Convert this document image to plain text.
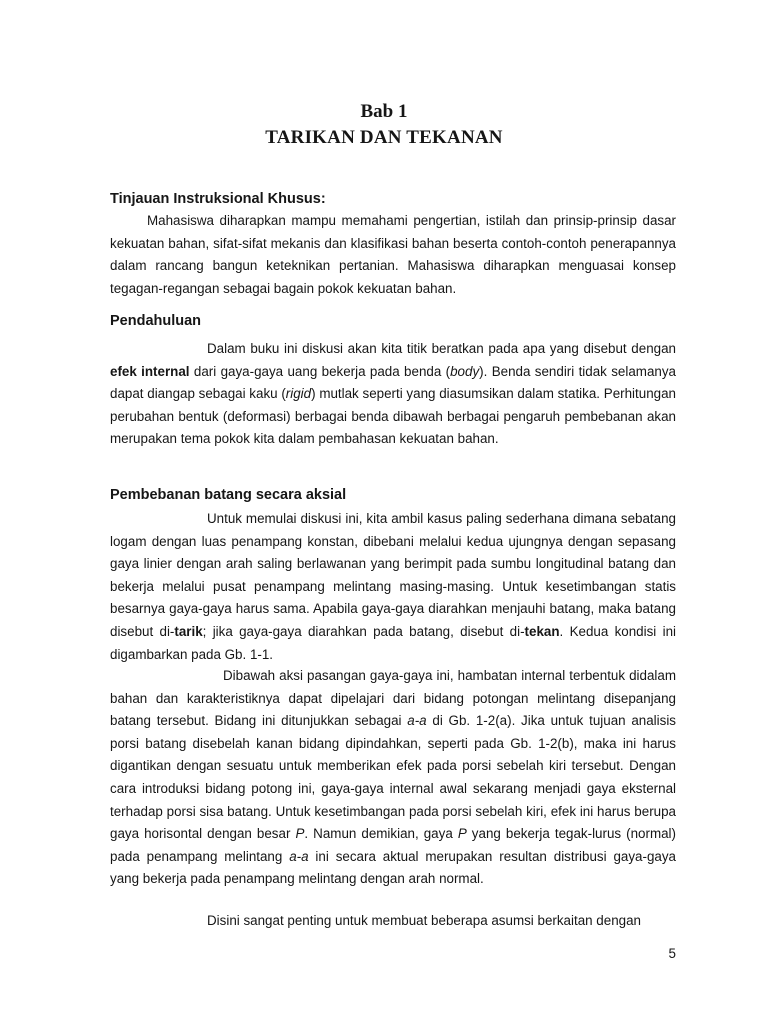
Bab 1
TARIKAN DAN TEKANAN
Tinjauan Instruksional Khusus:

Mahasiswa diharapkan mampu memahami pengertian, istilah dan prinsip-prinsip dasar kekuatan bahan, sifat-sifat mekanis dan klasifikasi bahan beserta contoh-contoh penerapannya dalam rancang bangun keteknikan pertanian. Mahasiswa diharapkan menguasai konsep tegagan-regangan sebagai bagain pokok kekuatan bahan.

Pendahuluan

Dalam buku ini diskusi akan kita titik beratkan pada apa yang disebut dengan efek internal dari gaya-gaya uang bekerja pada benda (body). Benda sendiri tidak selamanya dapat diangap sebagai kaku (rigid) mutlak seperti yang diasumsikan dalam statika. Perhitungan perubahan bentuk (deformasi) berbagai benda dibawah berbagai pengaruh pembebanan akan merupakan tema pokok kita dalam pembahasan kekuatan bahan.

Pembebanan batang secara aksial

Untuk memulai diskusi ini, kita ambil kasus paling sederhana dimana sebatang logam dengan luas penampang konstan, dibebani melalui kedua ujungnya dengan sepasang gaya linier dengan arah saling berlawanan yang berimpit pada sumbu longitudinal batang dan bekerja melalui pusat penampang melintang masing-masing. Untuk kesetimbangan statis besarnya gaya-gaya harus sama. Apabila gaya-gaya diarahkan menjauhi batang, maka batang disebut di-tarik; jika gaya-gaya diarahkan pada batang, disebut di-tekan. Kedua kondisi ini digambarkan pada Gb. 1-1.

Dibawah aksi pasangan gaya-gaya ini, hambatan internal terbentuk didalam bahan dan karakteristiknya dapat dipelajari dari bidang potongan melintang disepanjang batang tersebut. Bidang ini ditunjukkan sebagai a-a di Gb. 1-2(a). Jika untuk tujuan analisis porsi batang disebelah kanan bidang dipindahkan, seperti pada Gb. 1-2(b), maka ini harus digantikan dengan sesuatu untuk memberikan efek pada porsi sebelah kiri tersebut. Dengan cara introduksi bidang potong ini, gaya-gaya internal awal sekarang menjadi gaya eksternal terhadap porsi sisa batang. Untuk kesetimbangan pada porsi sebelah kiri, efek ini harus berupa gaya horisontal dengan besar P. Namun demikian, gaya P yang bekerja tegak-lurus (normal) pada penampang melintang a-a ini secara aktual merupakan resultan distribusi gaya-gaya yang bekerja pada penampang melintang dengan arah normal.

Disini sangat penting untuk membuat beberapa asumsi berkaitan dengan

5
